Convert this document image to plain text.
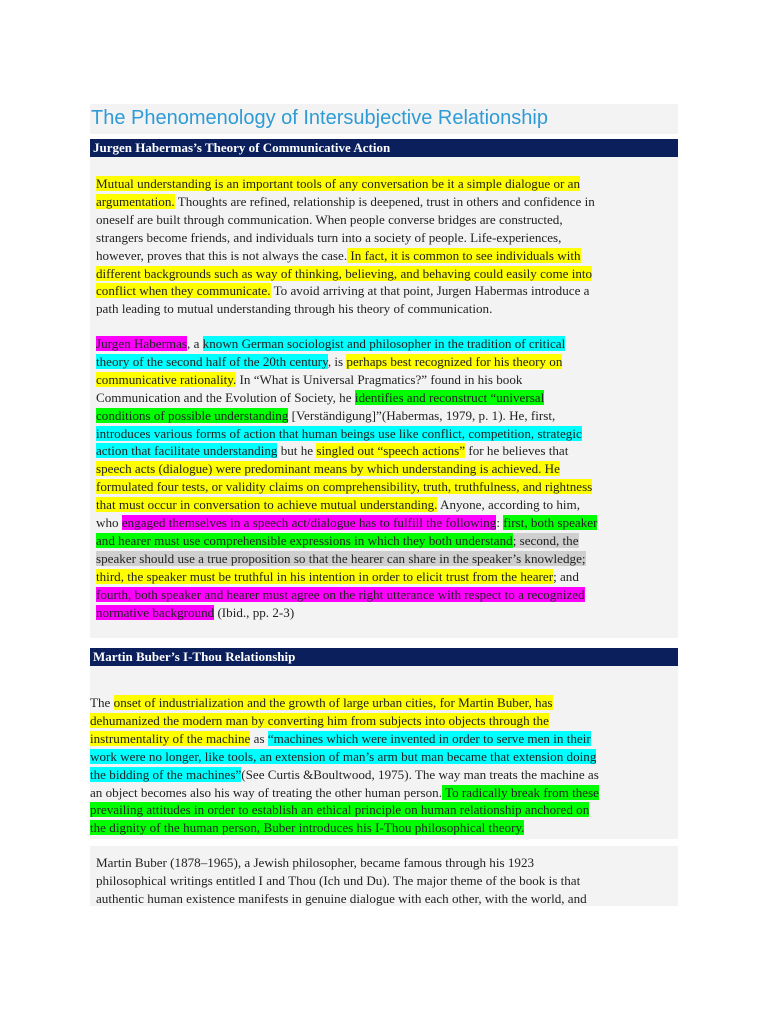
The Phenomenology of Intersubjective Relationship
Jurgen Habermas’s Theory of Communicative Action
Mutual understanding is an important tools of any conversation be it a simple dialogue or an
argumentation. Thoughts are refined, relationship is deepened, trust in others and confidence in
oneself are built through communication. When people converse bridges are constructed,
strangers become friends, and individuals turn into a society of people. Life-experiences,
however, proves that this is not always the case. In fact, it is common to see individuals with
different backgrounds such as way of thinking, believing, and behaving could easily come into
conflict when they communicate. To avoid arriving at that point, Jurgen Habermas introduce a
path leading to mutual understanding through his theory of communication.
Jurgen Habermas, a known German sociologist and philosopher in the tradition of critical
theory of the second half of the 20th century, is perhaps best recognized for his theory on
communicative rationality. In “What is Universal Pragmatics?” found in his book
Communication and the Evolution of Society, he identifies and reconstruct “universal
conditions of possible understanding [Verständigung]”(Habermas, 1979, p. 1). He, first,
introduces various forms of action that human beings use like conflict, competition, strategic
action that facilitate understanding but he singled out “speech actions” for he believes that
speech acts (dialogue) were predominant means by which understanding is achieved. He
formulated four tests, or validity claims on comprehensibility, truth, truthfulness, and rightness
that must occur in conversation to achieve mutual understanding. Anyone, according to him,
who engaged themselves in a speech act/dialogue has to fulfill the following: first, both speaker
and hearer must use comprehensible expressions in which they both understand; second, the
speaker should use a true proposition so that the hearer can share in the speaker’s knowledge;
third, the speaker must be truthful in his intention in order to elicit trust from the hearer; and
fourth, both speaker and hearer must agree on the right utterance with respect to a recognized
normative background (Ibid., pp. 2-3)
Martin Buber’s I-Thou Relationship
The onset of industrialization and the growth of large urban cities, for Martin Buber, has
dehumanized the modern man by converting him from subjects into objects through the
instrumentality of the machine as “machines which were invented in order to serve men in their
work were no longer, like tools, an extension of man’s arm but man became that extension doing
the bidding of the machines”(See Curtis &Boultwood, 1975). The way man treats the machine as
an object becomes also his way of treating the other human person. To radically break from these
prevailing attitudes in order to establish an ethical principle on human relationship anchored on
the dignity of the human person, Buber introduces his I-Thou philosophical theory.
Martin Buber (1878–1965), a Jewish philosopher, became famous through his 1923
philosophical writings entitled I and Thou (Ich und Du). The major theme of the book is that
authentic human existence manifests in genuine dialogue with each other, with the world, and
